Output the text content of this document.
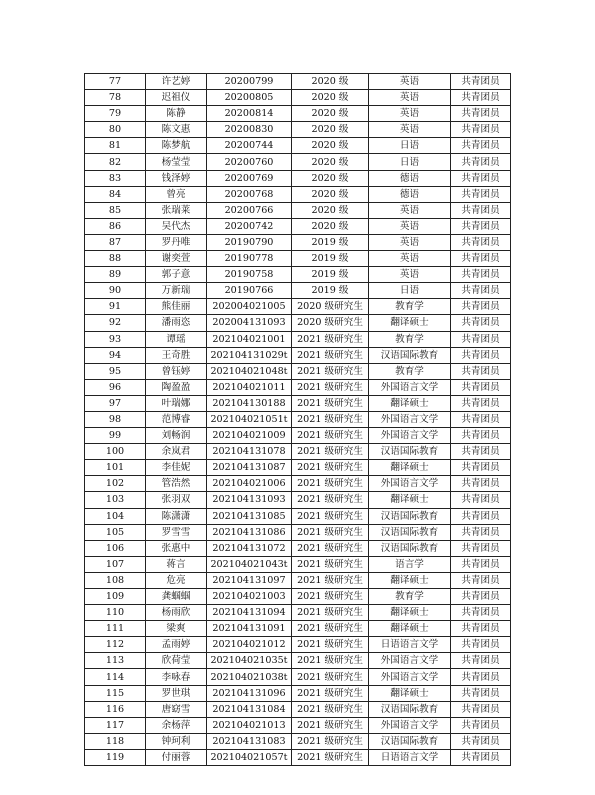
77	许艺婷	20200799	2020 级	英语	共青团员
78	迟祖仪	20200805	2020 级	英语	共青团员
79	陈静	20200814	2020 级	英语	共青团员
80	陈文惠	20200830	2020 级	英语	共青团员
81	陈梦航	20200744	2020 级	日语	共青团员
82	杨莹莹	20200760	2020 级	日语	共青团员
83	钱泽婷	20200769	2020 级	德语	共青团员
84	曾亮	20200768	2020 级	德语	共青团员
85	张瑞莱	20200766	2020 级	英语	共青团员
86	吴代杰	20200742	2020 级	英语	共青团员
87	罗丹唯	20190790	2019 级	英语	共青团员
88	谢奕萱	20190778	2019 级	英语	共青团员
89	郭子意	20190758	2019 级	英语	共青团员
90	万新瑞	20190766	2019 级	日语	共青团员
91	熊佳丽	202004021005	2020 级研究生	教育学	共青团员
92	潘雨恣	202004131093	2020 级研究生	翻译硕士	共青团员
93	谭瑶	202104021001	2021 级研究生	教育学	共青团员
94	王奇胜	202104131029t	2021 级研究生	汉语国际教育	共青团员
95	曾钰婷	202104021048t	2021 级研究生	教育学	共青团员
96	陶盈盈	202104021011	2021 级研究生	外国语言文学	共青团员
97	叶瑞娜	202104130188	2021 级研究生	翻译硕士	共青团员
98	范博睿	202104021051t	2021 级研究生	外国语言文学	共青团员
99	刘畅润	202104021009	2021 级研究生	外国语言文学	共青团员
100	余岚君	202104131078	2021 级研究生	汉语国际教育	共青团员
101	李佳妮	202104131087	2021 级研究生	翻译硕士	共青团员
102	管浩然	202104021006	2021 级研究生	外国语言文学	共青团员
103	张羽双	202104131093	2021 级研究生	翻译硕士	共青团员
104	陈潇潇	202104131085	2021 级研究生	汉语国际教育	共青团员
105	罗雪雪	202104131086	2021 级研究生	汉语国际教育	共青团员
106	张惠中	202104131072	2021 级研究生	汉语国际教育	共青团员
107	蒋言	202104021043t	2021 级研究生	语言学	共青团员
108	危亮	202104131097	2021 级研究生	翻译硕士	共青团员
109	龚蝈蝈	202104021003	2021 级研究生	教育学	共青团员
110	杨雨欣	202104131094	2021 级研究生	翻译硕士	共青团员
111	梁爽	202104131091	2021 级研究生	翻译硕士	共青团员
112	孟雨婷	202104021012	2021 级研究生	日语语言文学	共青团员
113	欣荷莹	202104021035t	2021 级研究生	外国语言文学	共青团员
114	李咏春	202104021038t	2021 级研究生	外国语言文学	共青团员
115	罗世琪	202104131096	2021 级研究生	翻译硕士	共青团员
116	唐窈雪	202104131084	2021 级研究生	汉语国际教育	共青团员
117	余杨萍	202104021013	2021 级研究生	外国语言文学	共青团员
118	钟珂利	202104131083	2021 级研究生	汉语国际教育	共青团员
119	付丽蓉	202104021057t	2021 级研究生	日语语言文学	共青团员
